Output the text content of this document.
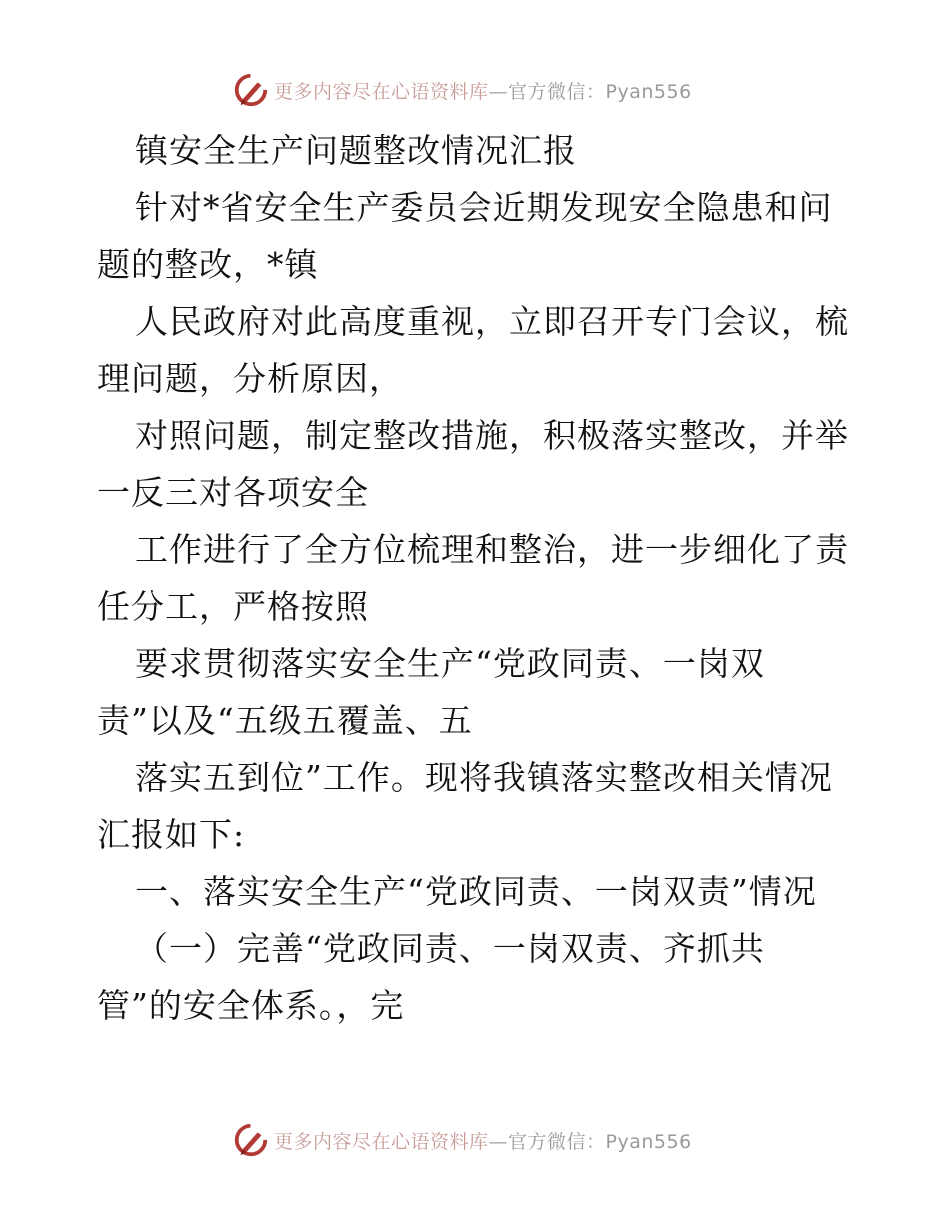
更多内容尽在心语资料库—官方微信：Pyan556
镇安全生产问题整改情况汇报
针对*省安全生产委员会近期发现安全隐患和问
题的整改，*镇
人民政府对此高度重视，立即召开专门会议，梳
理问题，分析原因，
对照问题，制定整改措施，积极落实整改，并举
一反三对各项安全
工作进行了全方位梳理和整治，进一步细化了责
任分工，严格按照
要求贯彻落实安全生产“党政同责、一岗双
责”以及“五级五覆盖、五
落实五到位”工作。现将我镇落实整改相关情况
汇报如下:
一、落实安全生产“党政同责、一岗双责”情况
（一）完善“党政同责、一岗双责、齐抓共
管”的安全体系。，完
更多内容尽在心语资料库—官方微信：Pyan556
